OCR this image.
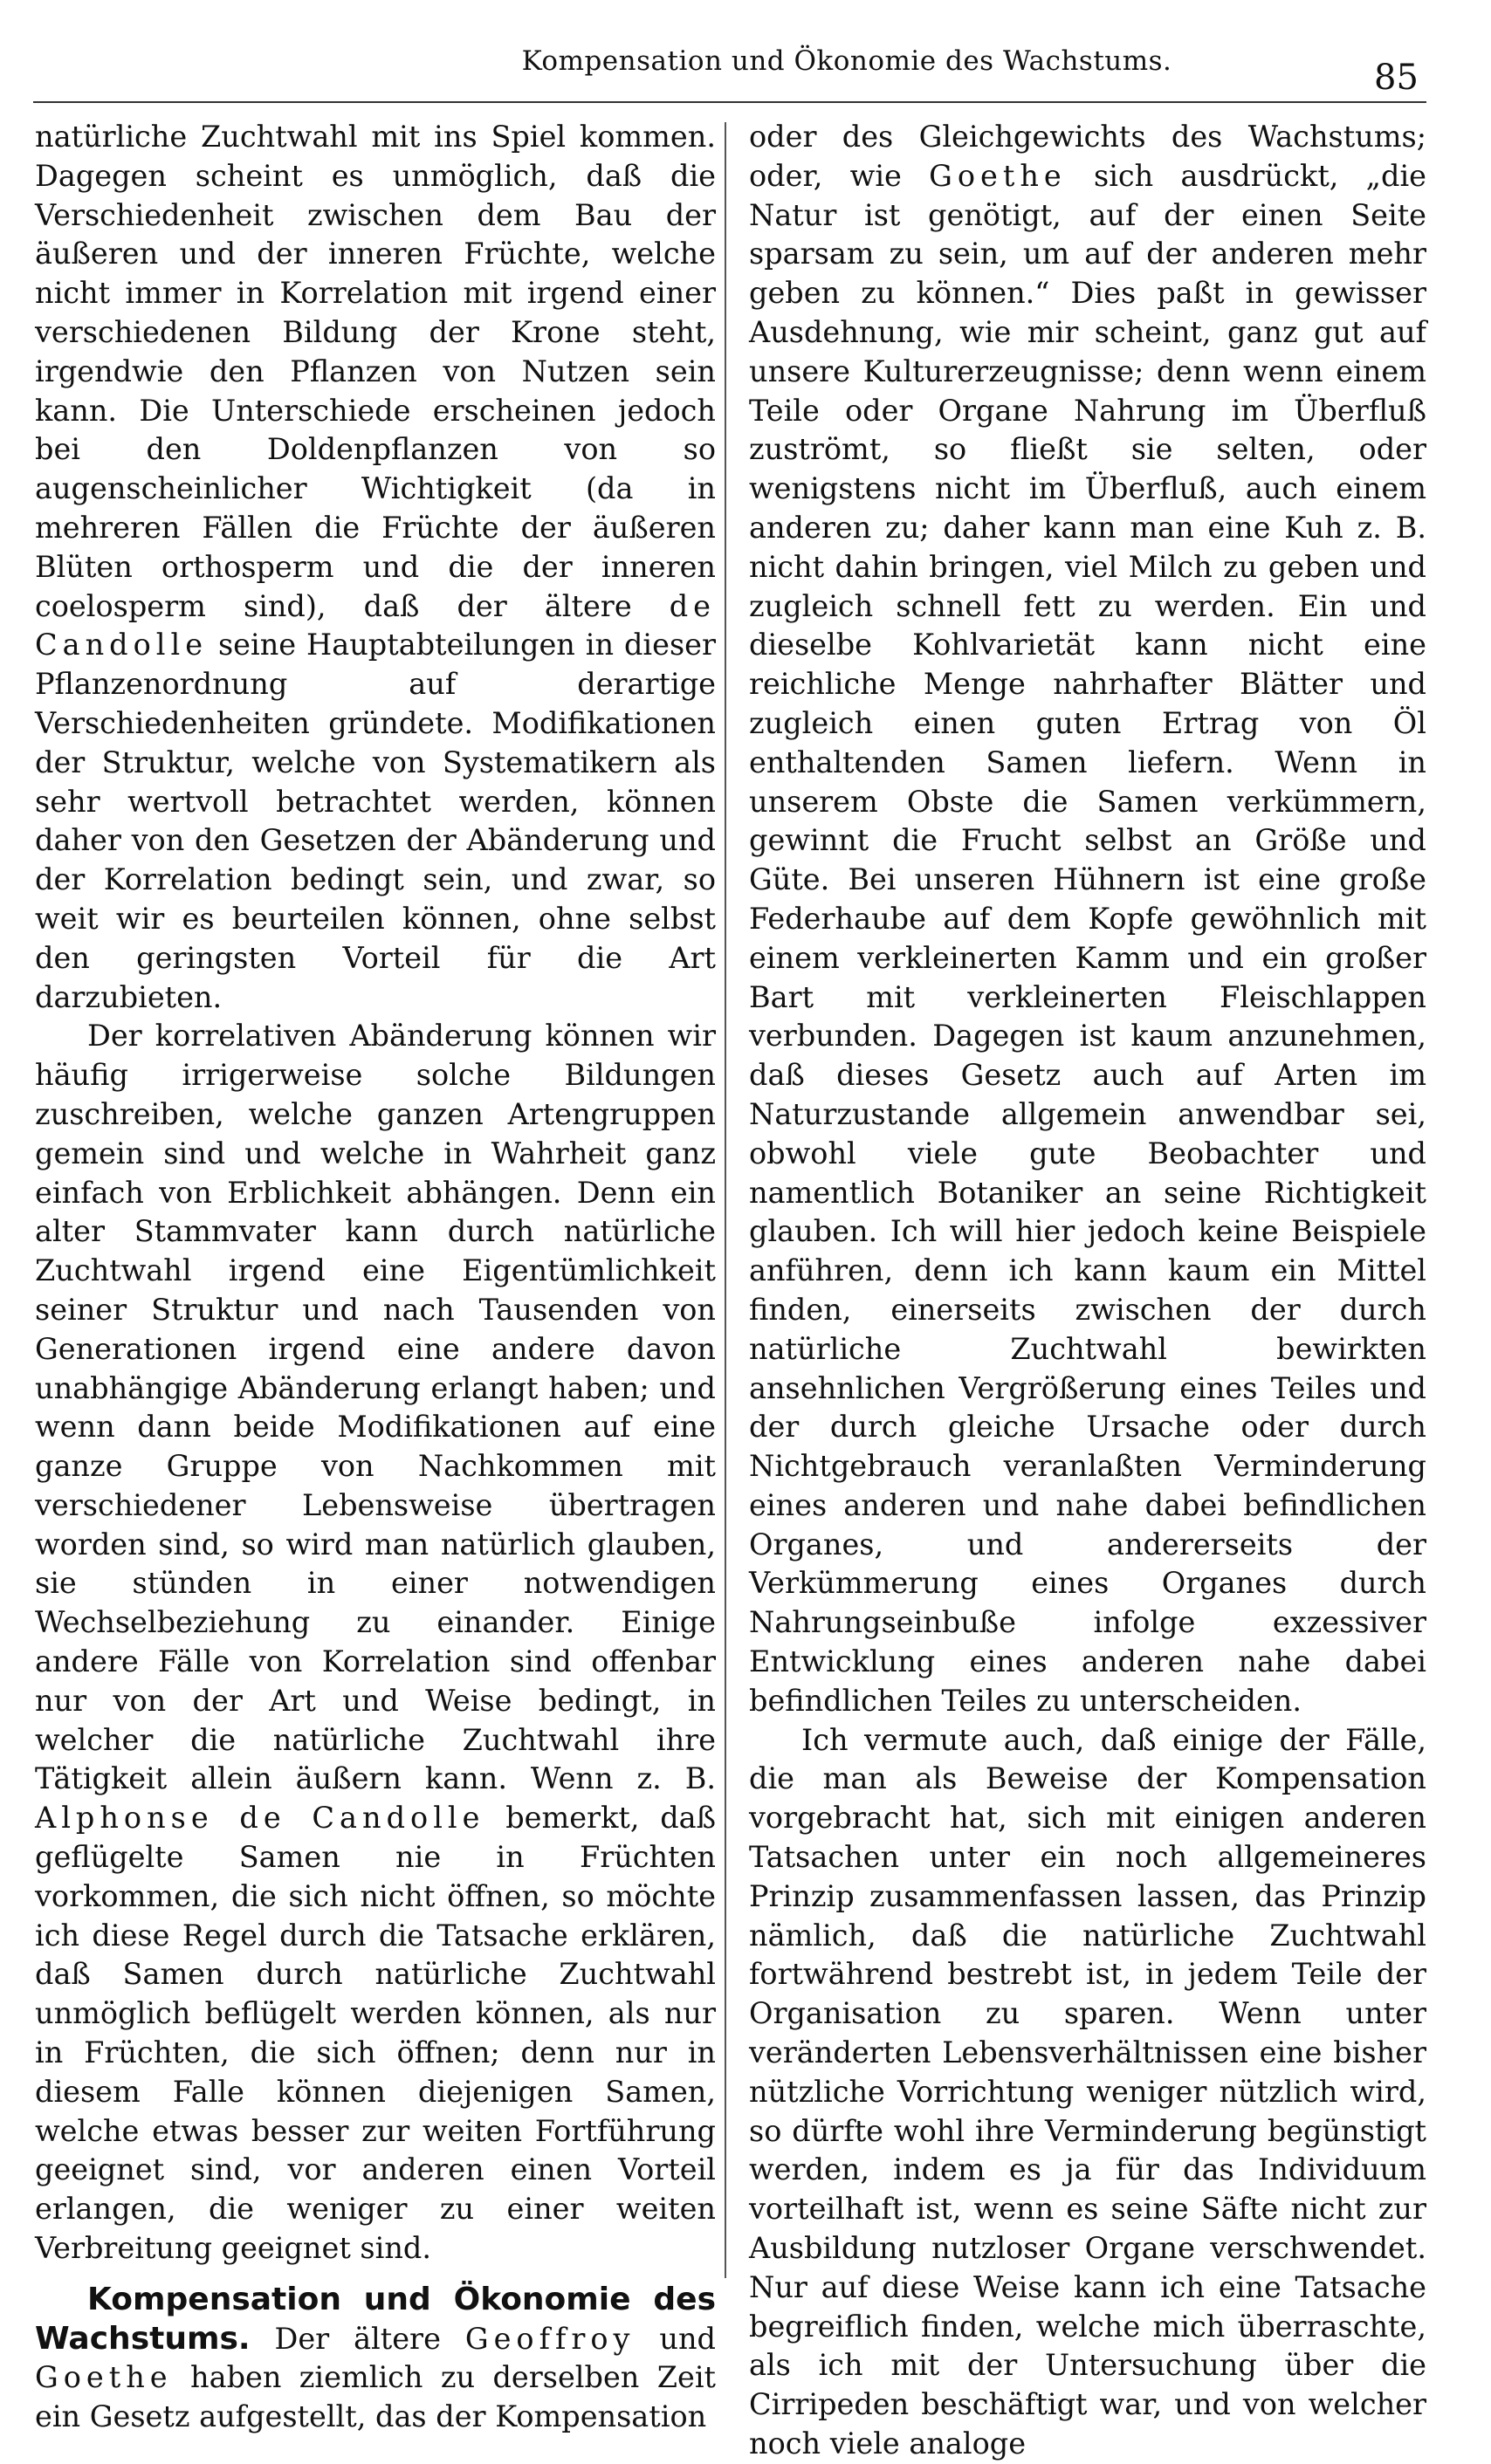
Kompensation und Ökonomie des Wachstums.	85

natürliche Zuchtwahl mit ins Spiel kommen. Dagegen scheint es unmöglich, daß die Verschiedenheit zwischen dem Bau der äußeren und der inneren Früchte, welche nicht immer in Korrelation mit irgend einer verschiedenen Bildung der Krone steht, irgendwie den Pflanzen von Nutzen sein kann. Die Unterschiede erscheinen jedoch bei den Doldenpflanzen von so augenscheinlicher Wichtigkeit (da in mehreren Fällen die Früchte der äußeren Blüten orthosperm und die der inneren coelosperm sind), daß der ältere de Candolle seine Hauptabteilungen in dieser Pflanzenordnung auf derartige Verschiedenheiten gründete. Modifikationen der Struktur, welche von Systematikern als sehr wertvoll betrachtet werden, können daher von den Gesetzen der Abänderung und der Korrelation bedingt sein, und zwar, so weit wir es beurteilen können, ohne selbst den geringsten Vorteil für die Art darzubieten.

Der korrelativen Abänderung können wir häufig irrigerweise solche Bildungen zuschreiben, welche ganzen Artengruppen gemein sind und welche in Wahrheit ganz einfach von Erblichkeit abhängen. Denn ein alter Stammvater kann durch natürliche Zuchtwahl irgend eine Eigentümlichkeit seiner Struktur und nach Tausenden von Generationen irgend eine andere davon unabhängige Abänderung erlangt haben; und wenn dann beide Modifikationen auf eine ganze Gruppe von Nachkommen mit verschiedener Lebensweise übertragen worden sind, so wird man natürlich glauben, sie stünden in einer notwendigen Wechselbeziehung zu einander. Einige andere Fälle von Korrelation sind offenbar nur von der Art und Weise bedingt, in welcher die natürliche Zuchtwahl ihre Tätigkeit allein äußern kann. Wenn z. B. Alphonse de Candolle bemerkt, daß geflügelte Samen nie in Früchten vorkommen, die sich nicht öffnen, so möchte ich diese Regel durch die Tatsache erklären, daß Samen durch natürliche Zuchtwahl unmöglich beflügelt werden können, als nur in Früchten, die sich öffnen; denn nur in diesem Falle können diejenigen Samen, welche etwas besser zur weiten Fortführung geeignet sind, vor anderen einen Vorteil erlangen, die weniger zu einer weiten Verbreitung geeignet sind.

Kompensation und Ökonomie des Wachstums. Der ältere Geoffroy und Goethe haben ziemlich zu derselben Zeit ein Gesetz aufgestellt, das der Kompensation

oder des Gleichgewichts des Wachstums; oder, wie Goethe sich ausdrückt, „die Natur ist genötigt, auf der einen Seite sparsam zu sein, um auf der anderen mehr geben zu können.“ Dies paßt in gewisser Ausdehnung, wie mir scheint, ganz gut auf unsere Kulturerzeugnisse; denn wenn einem Teile oder Organe Nahrung im Überfluß zuströmt, so fließt sie selten, oder wenigstens nicht im Überfluß, auch einem anderen zu; daher kann man eine Kuh z. B. nicht dahin bringen, viel Milch zu geben und zugleich schnell fett zu werden. Ein und dieselbe Kohlvarietät kann nicht eine reichliche Menge nahrhafter Blätter und zugleich einen guten Ertrag von Öl enthaltenden Samen liefern. Wenn in unserem Obste die Samen verkümmern, gewinnt die Frucht selbst an Größe und Güte. Bei unseren Hühnern ist eine große Federhaube auf dem Kopfe gewöhnlich mit einem verkleinerten Kamm und ein großer Bart mit verkleinerten Fleischlappen verbunden. Dagegen ist kaum anzunehmen, daß dieses Gesetz auch auf Arten im Naturzustande allgemein anwendbar sei, obwohl viele gute Beobachter und namentlich Botaniker an seine Richtigkeit glauben. Ich will hier jedoch keine Beispiele anführen, denn ich kann kaum ein Mittel finden, einerseits zwischen der durch natürliche Zuchtwahl bewirkten ansehnlichen Vergrößerung eines Teiles und der durch gleiche Ursache oder durch Nichtgebrauch veranlaßten Verminderung eines anderen und nahe dabei befindlichen Organes, und andererseits der Verkümmerung eines Organes durch Nahrungseinbuße infolge exzessiver Entwicklung eines anderen nahe dabei befindlichen Teiles zu unterscheiden.

Ich vermute auch, daß einige der Fälle, die man als Beweise der Kompensation vorgebracht hat, sich mit einigen anderen Tatsachen unter ein noch allgemeineres Prinzip zusammenfassen lassen, das Prinzip nämlich, daß die natürliche Zuchtwahl fortwährend bestrebt ist, in jedem Teile der Organisation zu sparen. Wenn unter veränderten Lebensverhältnissen eine bisher nützliche Vorrichtung weniger nützlich wird, so dürfte wohl ihre Verminderung begünstigt werden, indem es ja für das Individuum vorteilhaft ist, wenn es seine Säfte nicht zur Ausbildung nutzloser Organe verschwendet. Nur auf diese Weise kann ich eine Tatsache begreiflich finden, welche mich überraschte, als ich mit der Untersuchung über die Cirripeden beschäftigt war, und von welcher noch viele analoge
